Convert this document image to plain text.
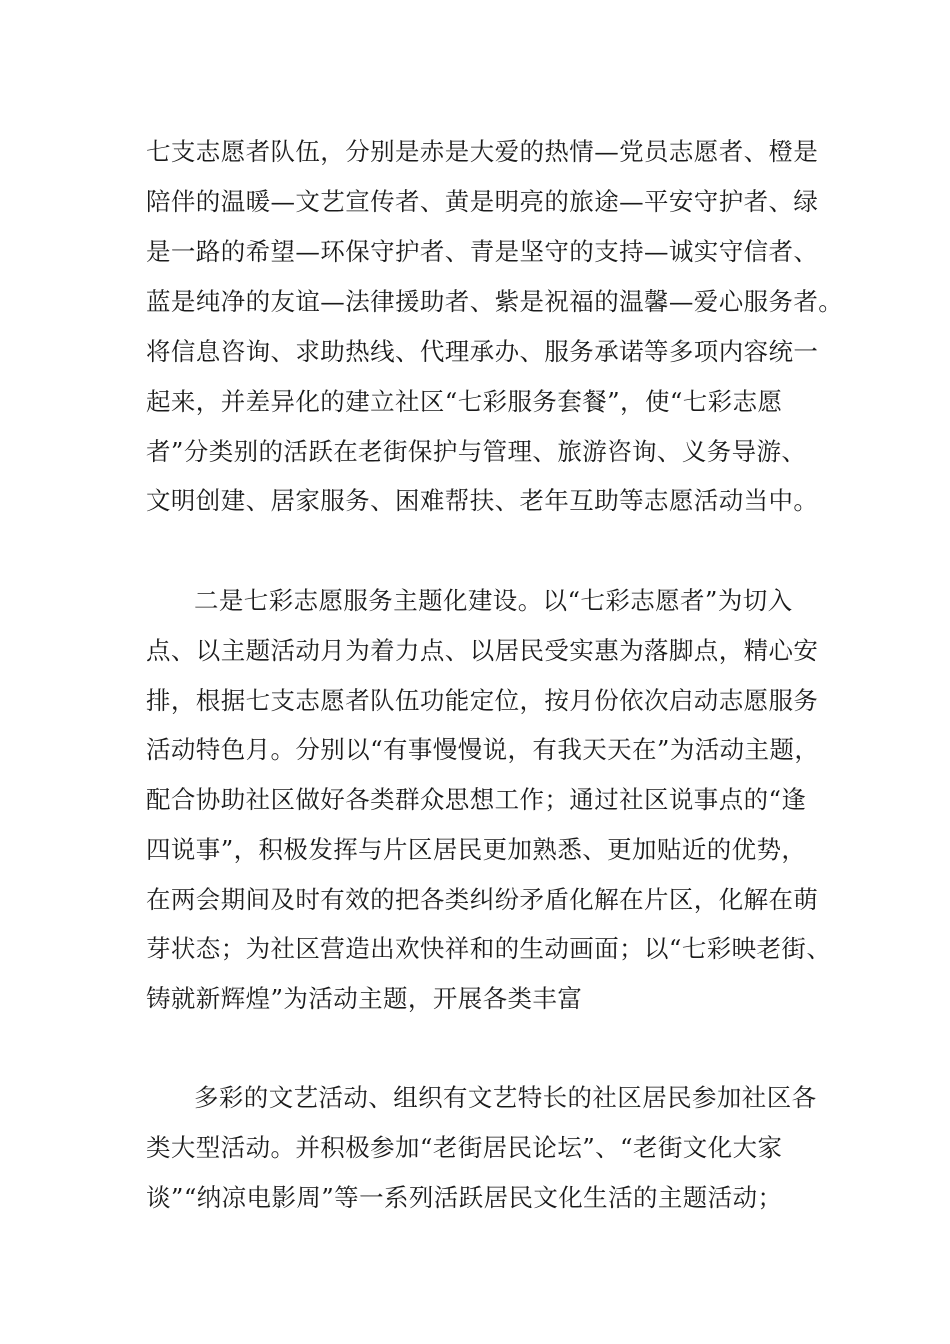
七支志愿者队伍，分别是赤是大爱的热情—党员志愿者、橙是
陪伴的温暖—文艺宣传者、黄是明亮的旅途—平安守护者、绿
是一路的希望—环保守护者、青是坚守的支持—诚实守信者、
蓝是纯净的友谊—法律援助者、紫是祝福的温馨—爱心服务者。
将信息咨询、求助热线、代理承办、服务承诺等多项内容统一
起来，并差异化的建立社区“七彩服务套餐”，使“七彩志愿
者”分类别的活跃在老街保护与管理、旅游咨询、义务导游、
文明创建、居家服务、困难帮扶、老年互助等志愿活动当中。
二是七彩志愿服务主题化建设。以“七彩志愿者”为切入
点、以主题活动月为着力点、以居民受实惠为落脚点，精心安
排，根据七支志愿者队伍功能定位，按月份依次启动志愿服务
活动特色月。分别以“有事慢慢说，有我天天在”为活动主题，
配合协助社区做好各类群众思想工作；通过社区说事点的“逢
四说事”，积极发挥与片区居民更加熟悉、更加贴近的优势，
在两会期间及时有效的把各类纠纷矛盾化解在片区，化解在萌
芽状态；为社区营造出欢快祥和的生动画面；以“七彩映老街、
铸就新辉煌”为活动主题，开展各类丰富
多彩的文艺活动、组织有文艺特长的社区居民参加社区各
类大型活动。并积极参加“老街居民论坛”、“老街文化大家
谈”“纳凉电影周”等一系列活跃居民文化生活的主题活动；
